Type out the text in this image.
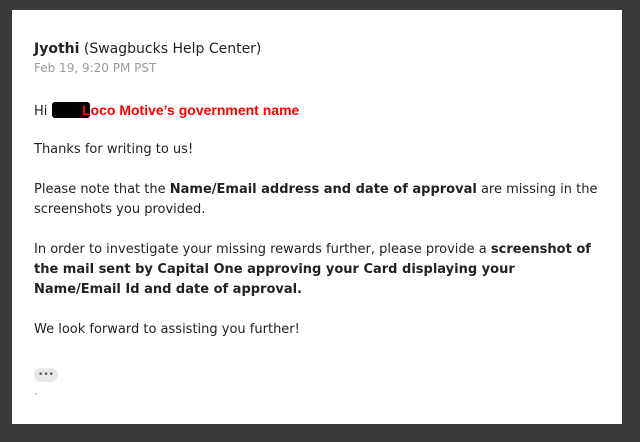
Jyothi (Swagbucks Help Center)
Feb 19, 9:20 PM PST

Hi Loco Motive’s government name

Thanks for writing to us!

Please note that the Name/Email address and date of approval are missing in the screenshots you provided.

In order to investigate your missing rewards further, please provide a screenshot of the mail sent by Capital One approving your Card displaying your Name/Email Id and date of approval.

We look forward to assisting you further!

•••
